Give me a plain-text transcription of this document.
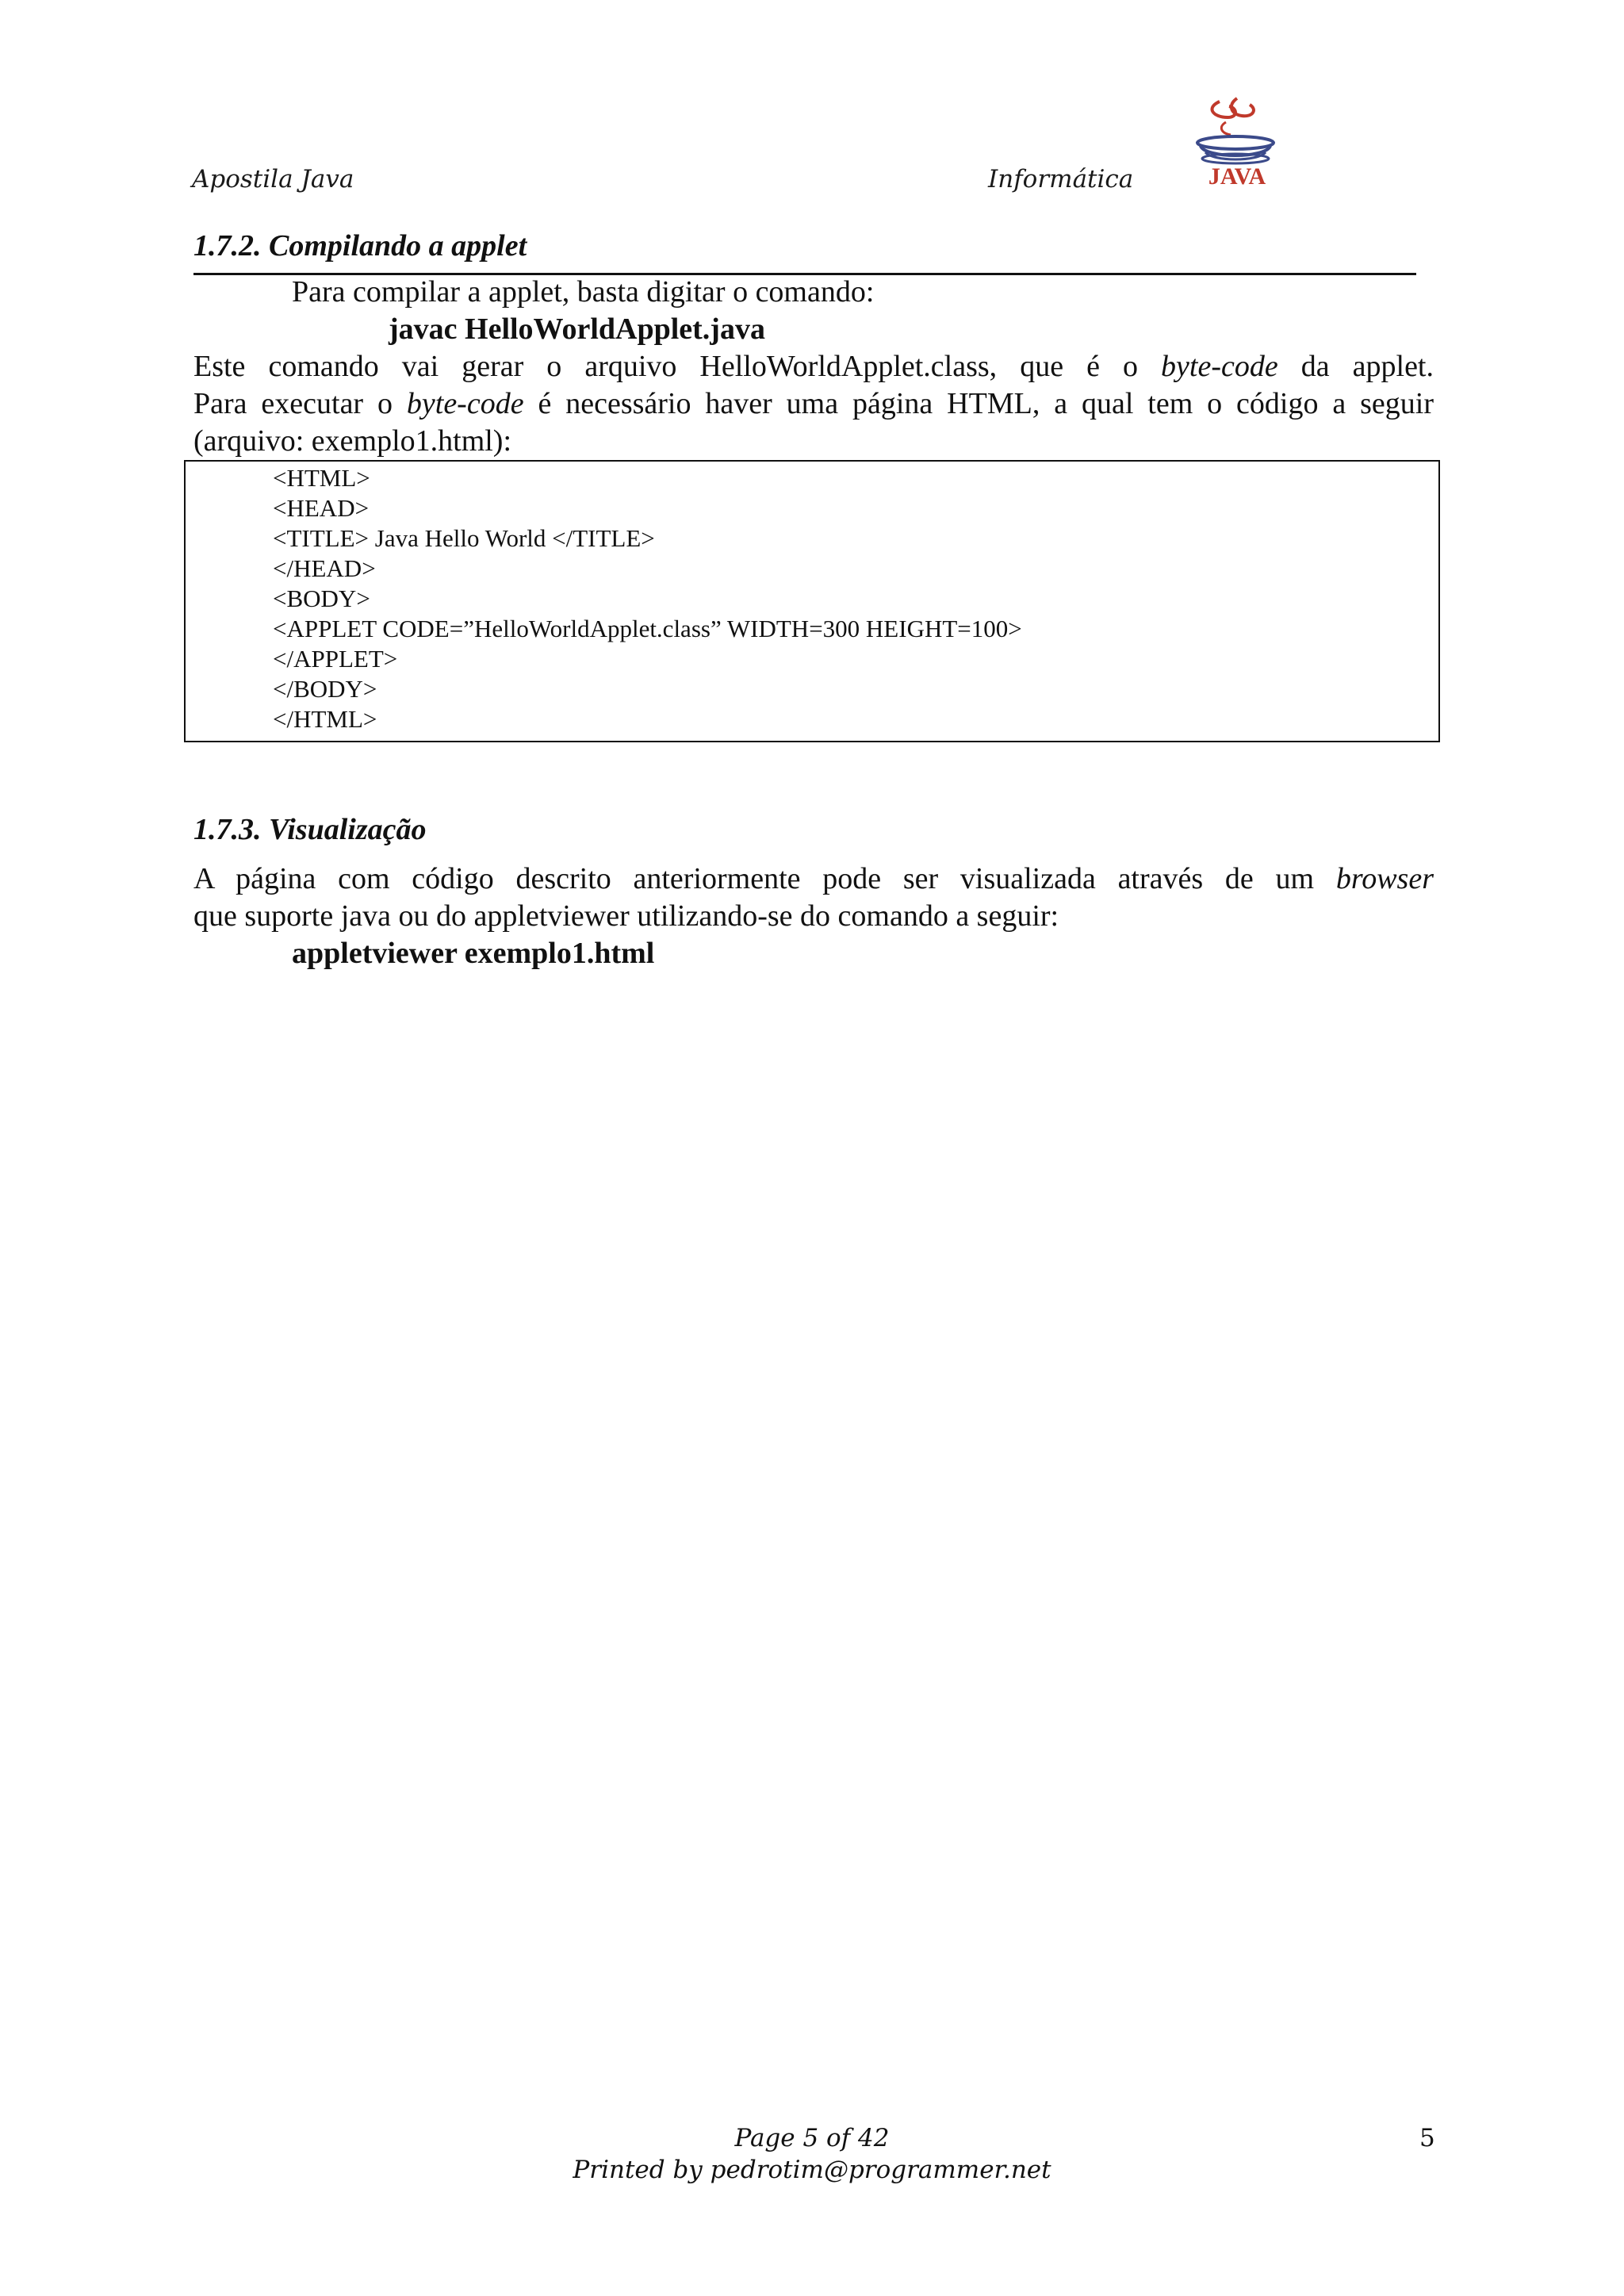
Apostila Java	Informática	JAVA
1.7.2. Compilando a applet
Para compilar a applet, basta digitar o comando:
javac HelloWorldApplet.java
Este comando vai gerar o arquivo HelloWorldApplet.class, que é o byte-code da applet.
Para executar o byte-code é necessário haver uma página HTML, a qual tem o código a seguir
(arquivo: exemplo1.html):
<HTML>
<HEAD>
<TITLE> Java Hello World </TITLE>
</HEAD>
<BODY>
<APPLET CODE=”HelloWorldApplet.class” WIDTH=300 HEIGHT=100>
</APPLET>
</BODY>
</HTML>
1.7.3. Visualização
A página com código descrito anteriormente pode ser visualizada através de um browser
que suporte java ou do appletviewer utilizando-se do comando a seguir:
appletviewer exemplo1.html
Page 5 of 42
Printed by pedrotim@programmer.net
5
